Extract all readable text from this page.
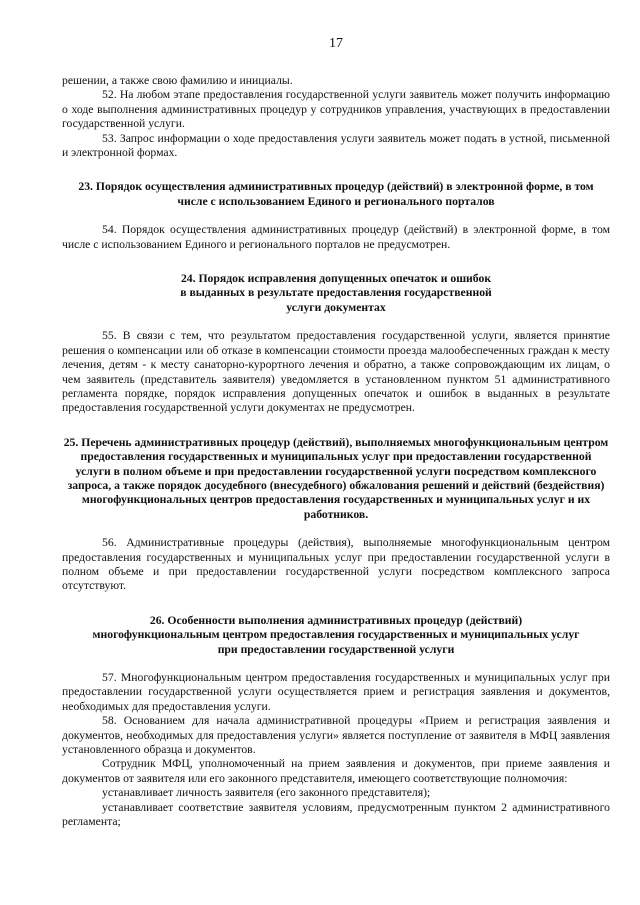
17

решении, а также свою фамилию и инициалы.

52. На любом этапе предоставления государственной услуги заявитель может получить информацию о ходе выполнения административных процедур у сотрудников управления, участвующих в предоставлении государственной услуги.

53. Запрос информации о ходе предоставления услуги заявитель может подать в устной, письменной и электронной формах.

23. Порядок осуществления административных процедур (действий) в электронной форме, в том числе с использованием Единого и регионального порталов

54. Порядок осуществления административных процедур (действий) в электронной форме, в том числе с использованием Единого и регионального порталов не предусмотрен.

24. Порядок исправления допущенных опечаток и ошибок
в выданных в результате предоставления государственной
услуги документах

55. В связи с тем, что результатом предоставления государственной услуги, является принятие решения о компенсации или об отказе в компенсации стоимости проезда малообеспеченных граждан к месту лечения, детям - к месту санаторно-курортного лечения и обратно, а также сопровождающим их лицам, о чем заявитель (представитель заявителя) уведомляется в установленном пунктом 51 административного регламента порядке, порядок исправления допущенных опечаток и ошибок в выданных в результате предоставления государственной услуги документах не предусмотрен.

25. Перечень административных процедур (действий), выполняемых многофункциональным центром предоставления государственных и муниципальных услуг при предоставлении государственной услуги в полном объеме и при предоставлении государственной услуги посредством комплексного запроса, а также порядок досудебного (внесудебного) обжалования решений и действий (бездействия) многофункциональных центров предоставления государственных и муниципальных услуг и их работников.

56. Административные процедуры (действия), выполняемые многофункциональным центром предоставления государственных и муниципальных услуг при предоставлении государственной услуги в полном объеме и при предоставлении государственной услуги посредством комплексного запроса отсутствуют.

26. Особенности выполнения административных процедур (действий)
многофункциональным центром предоставления государственных и муниципальных услуг
при предоставлении государственной услуги

57. Многофункциональным центром предоставления государственных и муниципальных услуг при предоставлении государственной услуги осуществляется прием и регистрация заявления и документов, необходимых для предоставления услуги.

58. Основанием для начала административной процедуры «Прием и регистрация заявления и документов, необходимых для предоставления услуги» является поступление от заявителя в МФЦ заявления установленного образца и документов.

Сотрудник МФЦ, уполномоченный на прием заявления и документов, при приеме заявления и документов от заявителя или его законного представителя, имеющего соответствующие полномочия:

устанавливает личность заявителя (его законного представителя);

устанавливает соответствие заявителя условиям, предусмотренным пунктом 2 административного регламента;
